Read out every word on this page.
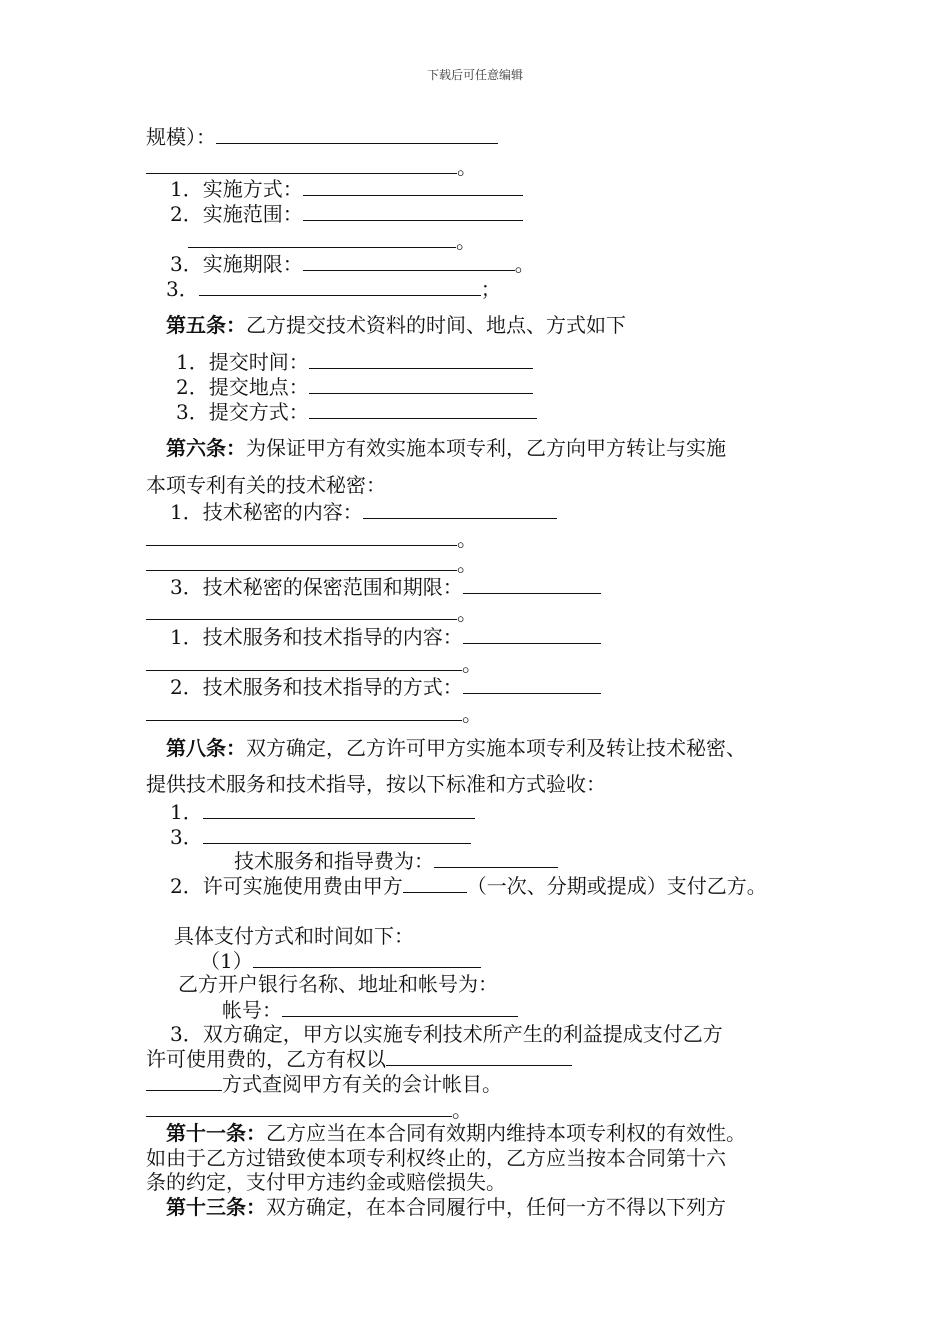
下载后可任意编辑
规模）：
。
1．实施方式：
2．实施范围：
。
3．实施期限：	。
3．	；
第五条：乙方提交技术资料的时间、地点、方式如下
1．提交时间：
2．提交地点：
3．提交方式：
第六条：为保证甲方有效实施本项专利，乙方向甲方转让与实施
本项专利有关的技术秘密：
1．技术秘密的内容：
。
。
3．技术秘密的保密范围和期限：
。
1．技术服务和技术指导的内容：
。
2．技术服务和技术指导的方式：
。
第八条：双方确定，乙方许可甲方实施本项专利及转让技术秘密、
提供技术服务和技术指导，按以下标准和方式验收：
1．
3．
技术服务和指导费为：
2．许可实施使用费由甲方	（一次、分期或提成）支付乙方。
具体支付方式和时间如下：
（1）
乙方开户银行名称、地址和帐号为：
帐号：
3．双方确定，甲方以实施专利技术所产生的利益提成支付乙方
许可使用费的，乙方有权以
方式查阅甲方有关的会计帐目。
。
第十一条：乙方应当在本合同有效期内维持本项专利权的有效性。
如由于乙方过错致使本项专利权终止的，乙方应当按本合同第十六
条的约定，支付甲方违约金或赔偿损失。
第十三条：双方确定，在本合同履行中，任何一方不得以下列方
